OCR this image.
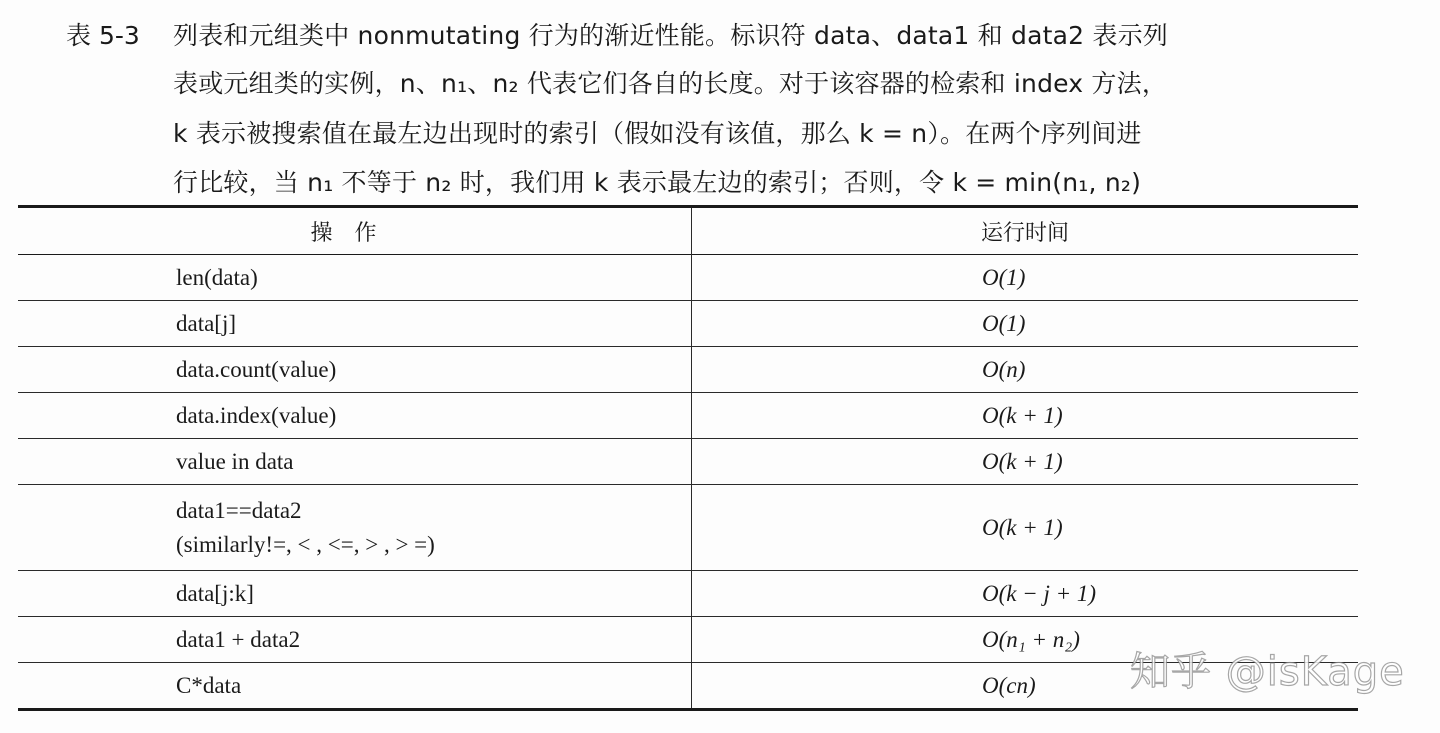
表 5-3 列表和元组类中 nonmutating 行为的渐近性能。标识符 data、data1 和 data2 表示列
表或元组类的实例，n、n₁、n₂ 代表它们各自的长度。对于该容器的检索和 index 方法，
k 表示被搜索值在最左边出现时的索引（假如没有该值，那么 k = n）。在两个序列间进
行比较，当 n₁ 不等于 n₂ 时，我们用 k 表示最左边的索引；否则，令 k = min(n₁, n₂)
操作	运行时间
len(data)	O(1)
data[j]	O(1)
data.count(value)	O(n)
data.index(value)	O(k + 1)
value in data	O(k + 1)

data1==data2
(similarly!=, < , <=, > , > =)	O(k + 1)
data[j:k]	O(k − j + 1)
data1 + data2	O(n₁ + n₂)
C*data	O(cn) 知乎 @isKage
